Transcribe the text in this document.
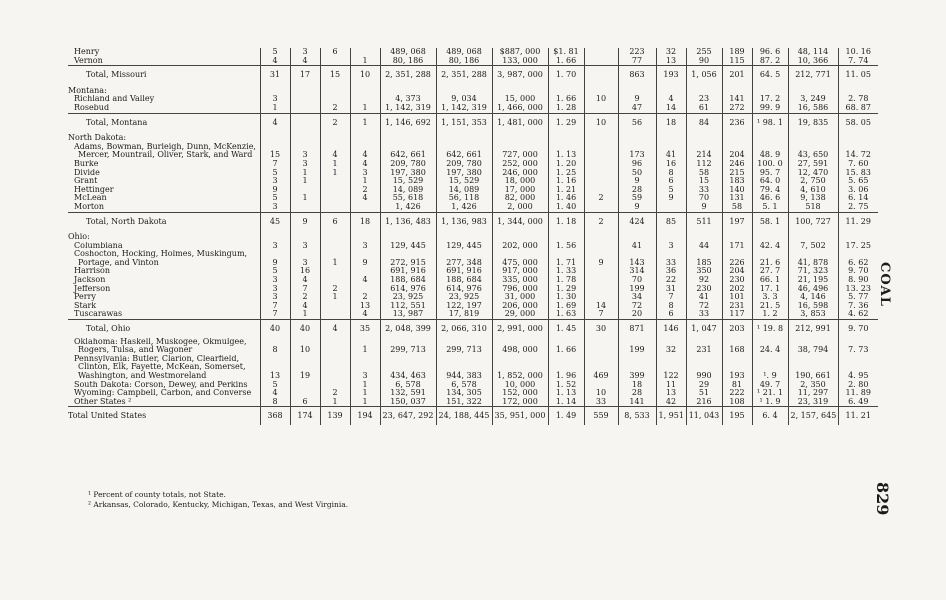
Henry	5	3	6		489, 068	489, 068	$887, 000	$1. 81		223	32	255	189	96. 6	48, 114	10. 16
Vernon	4	4		1	80, 186	80, 186	133, 000	1. 66		77	13	90	115	87. 2	10, 366	7. 74
Total, Missouri	31	17	15	10	2, 351, 288	2, 351, 288	3, 987, 000	1. 70		863	193	1, 056	201	64. 5	212, 771	11. 05
Montana:																
Richland and Valley	3				4, 373	9, 034	15, 000	1. 66	10	9	4	23	141	17. 2	3, 249	2. 78
Rosebud	1		2	1	1, 142, 319	1, 142, 319	1, 466, 000	1. 28		47	14	61	272	99. 9	16, 586	68. 87
Total, Montana	4		2	1	1, 146, 692	1, 151, 353	1, 481, 000	1. 29	10	56	18	84	236	¹ 98. 1	19, 835	58. 05
North Dakota:																
Adams, Bowman, Burleigh, Dunn, McKenzie, Mercer, Mountrail, Oliver, Stark, and Ward	15	3	4	4	642, 661	642, 661	727, 000	1. 13		173	41	214	204	48. 9	43, 650	14. 72
Burke	7	3	1	4	209, 780	209, 780	252, 000	1. 20		96	16	112	246	100. 0	27, 591	7. 60
Divide	5	1	1	3	197, 380	197, 380	246, 000	1. 25		50	8	58	215	95. 7	12, 470	15. 83
Grant	3	1		1	15, 529	15, 529	18, 000	1. 16		9	6	15	183	64. 0	2, 750	5. 65
Hettinger	9			2	14, 089	14, 089	17, 000	1. 21		28	5	33	140	79. 4	4, 610	3. 06
McLean	5	1		4	55, 618	56, 118	82, 000	1. 46	2	59	9	70	131	46. 6	9, 138	6. 14
Morton	3				1, 426	1, 426	2, 000	1. 40		9		9	58	5. 1	518	2. 75
Total, North Dakota	45	9	6	18	1, 136, 483	1, 136, 983	1, 344, 000	1. 18	2	424	85	511	197	58. 1	100, 727	11. 29
Ohio:																
Columbiana	3	3		3	129, 445	129, 445	202, 000	1. 56		41	3	44	171	42. 4	7, 502	17. 25
Coshocton, Hocking, Holmes, Muskingum, Portage, and Vinton	9	3	1	9	272, 915	277, 348	475, 000	1. 71	9	143	33	185	226	21. 6	41, 878	6. 62
Harrison	5	16			691, 916	691, 916	917, 000	1. 33		314	36	350	204	27. 7	71, 323	9. 70
Jackson	3	4		4	188, 684	188, 684	335, 000	1. 78		70	22	92	230	66. 1	21, 195	8. 90
Jefferson	3	7	2		614, 976	614, 976	796, 000	1. 29		199	31	230	202	17. 1	46, 496	13. 23
Perry	3	2	1	2	23, 925	23, 925	31, 000	1. 30		34	7	41	101	3. 3	4, 146	5. 77
Stark	7	4		13	112, 551	122, 197	206, 000	1. 69	14	72	8	72	231	21. 5	16, 598	7. 36
Tuscarawas	7	1		4	13, 987	17, 819	29, 000	1. 63	7	20	6	33	117	1. 2	3, 853	4. 62
Total, Ohio	40	40	4	35	2, 048, 399	2, 066, 310	2, 991, 000	1. 45	30	871	146	1, 047	203	¹ 19. 8	212, 991	9. 70
Oklahoma: Haskell, Muskogee, Okmulgee, Rogers, Tulsa, and Wagoner	8	10		1	299, 713	299, 713	498, 000	1. 66		199	32	231	168	24. 4	38, 794	7. 73
Pennsylvania: Butler, Clarion, Clearfield, Clinton, Elk, Fayette, McKean, Somerset, Washington, and Westmoreland	13	19		3	434, 463	944, 383	1, 852, 000	1. 96	469	399	122	990	193	¹. 9	190, 661	4. 95
South Dakota: Corson, Dewey, and Perkins	5			1	6, 578	6, 578	10, 000	1. 52		18	11	29	81	49. 7	2, 350	2. 80
Wyoming: Campbell, Carbon, and Converse	4		2	1	132, 591	134, 305	152, 000	1. 13	10	28	13	51	222	¹ 21. 1	11, 297	11. 89
Other States ²	8	6	1	1	150, 037	151, 322	172, 000	1. 14	33	141	42	216	108	¹ 1. 9	23, 319	6. 49
Total United States	368	174	139	194	23, 647, 292	24, 188, 445	35, 951, 000	1. 49	559	8, 533	1, 951	11, 043	195	6. 4	2, 157, 645	11. 21
¹ Percent of county totals, not State.
² Arkansas, Colorado, Kentucky, Michigan, Texas, and West Virginia.
COAL
829
